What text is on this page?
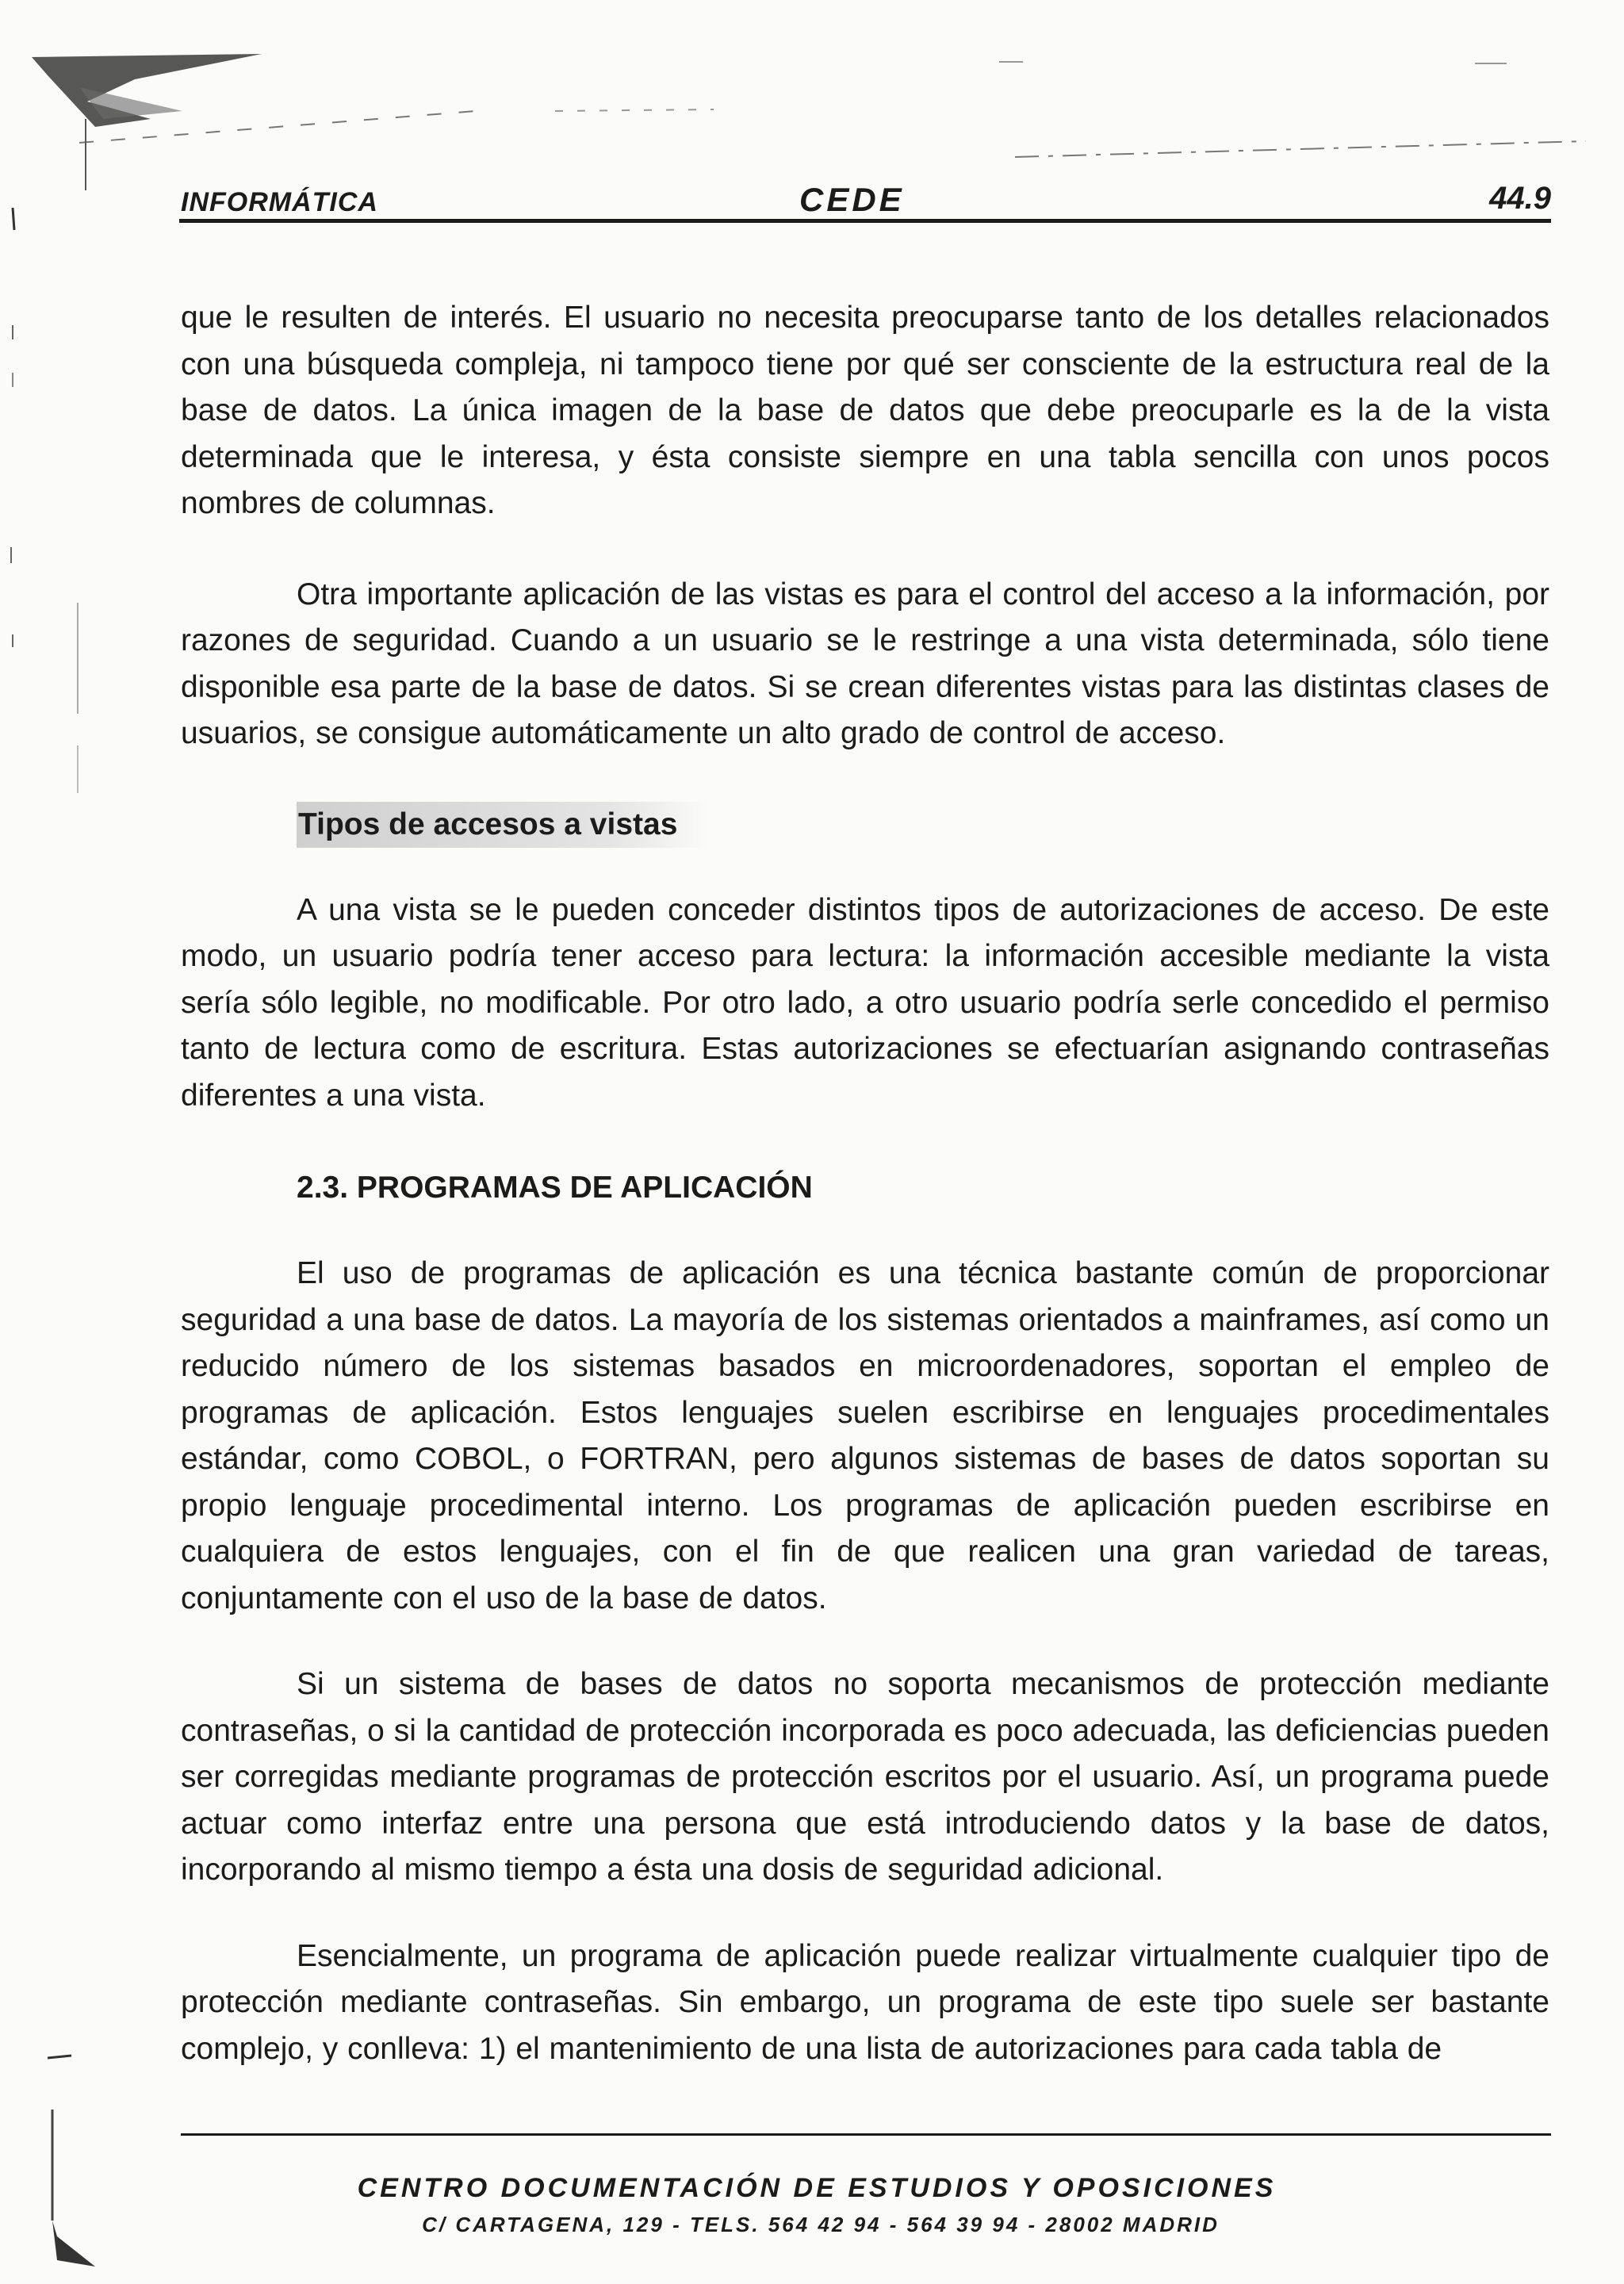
INFORMÁTICA	CEDE	44.9

que le resulten de interés. El usuario no necesita preocuparse tanto de los detalles relacionados con una búsqueda compleja, ni tampoco tiene por qué ser consciente de la estructura real de la base de datos. La única imagen de la base de datos que debe preocuparle es la de la vista determinada que le interesa, y ésta consiste siempre en una tabla sencilla con unos pocos nombres de columnas.

Otra importante aplicación de las vistas es para el control del acceso a la información, por razones de seguridad. Cuando a un usuario se le restringe a una vista determinada, sólo tiene disponible esa parte de la base de datos. Si se crean diferentes vistas para las distintas clases de usuarios, se consigue automáticamente un alto grado de control de acceso.

Tipos de accesos a vistas

A una vista se le pueden conceder distintos tipos de autorizaciones de acceso. De este modo, un usuario podría tener acceso para lectura: la información accesible mediante la vista sería sólo legible, no modificable. Por otro lado, a otro usuario podría serle concedido el permiso tanto de lectura como de escritura. Estas autorizaciones se efectuarían asignando contraseñas diferentes a una vista.

2.3. PROGRAMAS DE APLICACIÓN

El uso de programas de aplicación es una técnica bastante común de proporcionar seguridad a una base de datos. La mayoría de los sistemas orientados a mainframes, así como un reducido número de los sistemas basados en microordenadores, soportan el empleo de programas de aplicación. Estos lenguajes suelen escribirse en lenguajes procedimentales estándar, como COBOL, o FORTRAN, pero algunos sistemas de bases de datos soportan su propio lenguaje procedimental interno. Los programas de aplicación pueden escribirse en cualquiera de estos lenguajes, con el fin de que realicen una gran variedad de tareas, conjuntamente con el uso de la base de datos.

Si un sistema de bases de datos no soporta mecanismos de protección mediante contraseñas, o si la cantidad de protección incorporada es poco adecuada, las deficiencias pueden ser corregidas mediante programas de protección escritos por el usuario. Así, un programa puede actuar como interfaz entre una persona que está introduciendo datos y la base de datos, incorporando al mismo tiempo a ésta una dosis de seguridad adicional.

Esencialmente, un programa de aplicación puede realizar virtualmente cualquier tipo de protección mediante contraseñas. Sin embargo, un programa de este tipo suele ser bastante complejo, y conlleva: 1) el mantenimiento de una lista de autorizaciones para cada tabla de

CENTRO DOCUMENTACIÓN DE ESTUDIOS Y OPOSICIONES
C/ CARTAGENA, 129 - TELS. 564 42 94 - 564 39 94 - 28002 MADRID
